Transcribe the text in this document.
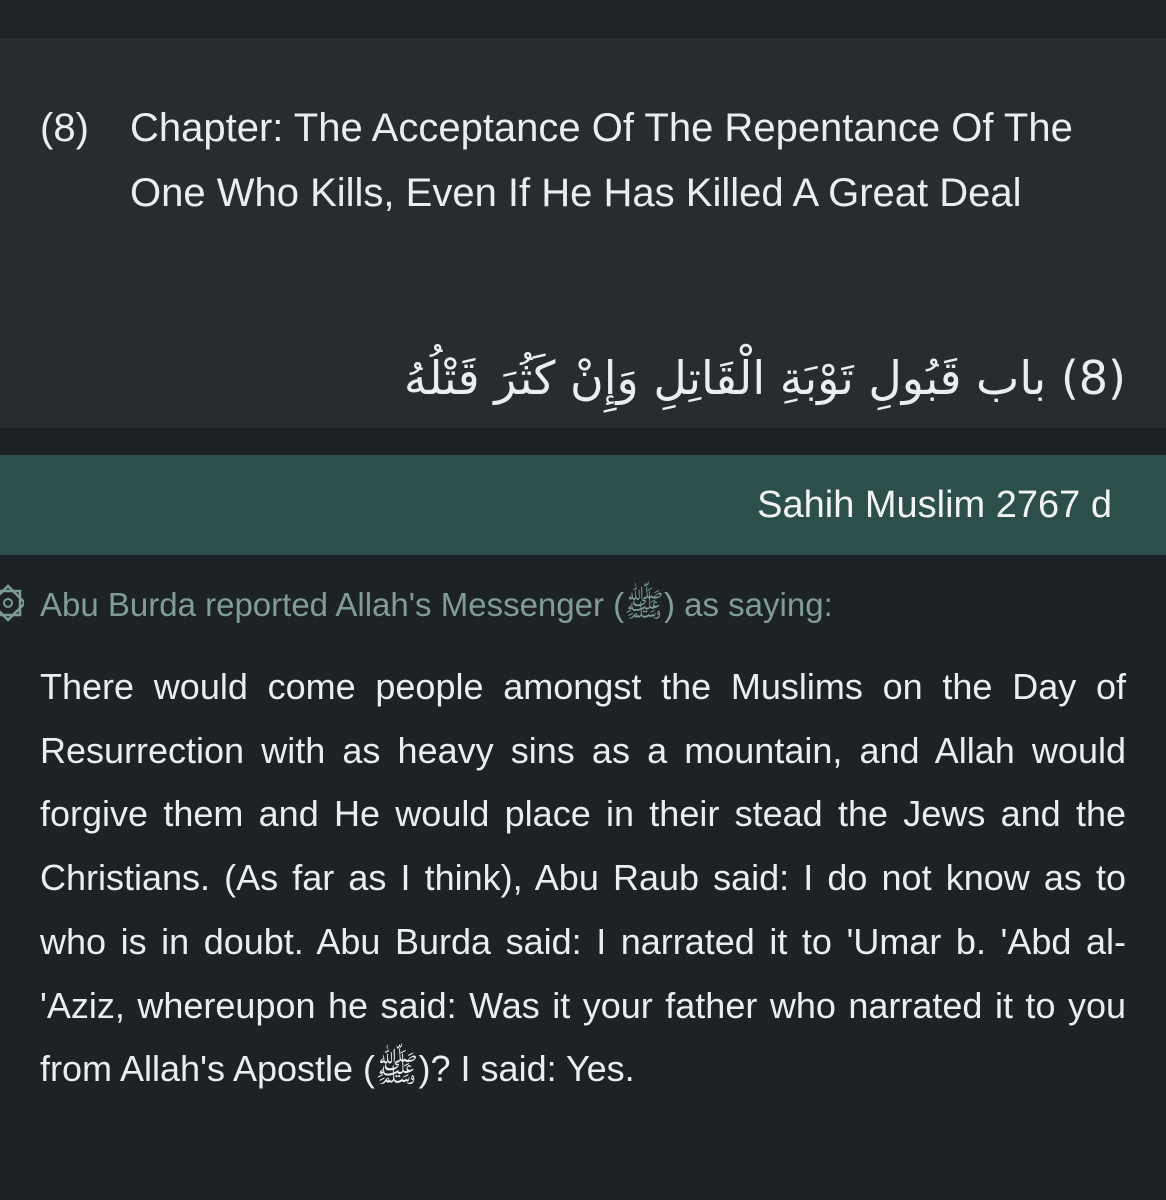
(8)	Chapter: The Acceptance Of The Repentance Of The One Who Kills, Even If He Has Killed A Great Deal
(8) باب قَبُولِ تَوْبَةِ الْقَاتِلِ وَإِنْ كَثُرَ قَتْلُهُ
Sahih Muslim 2767 d
Abu Burda reported Allah's Messenger (ﷺ) as saying:
There would come people amongst the Muslims on the Day of Resurrection with as heavy sins as a mountain, and Allah would forgive them and He would place in their stead the Jews and the Christians. (As far as I think), Abu Raub said: I do not know as to who is in doubt. Abu Burda said: I narrated it to 'Umar b. 'Abd al-'Aziz, whereupon he said: Was it your father who narrated it to you from Allah's Apostle (ﷺ)? I said: Yes.
